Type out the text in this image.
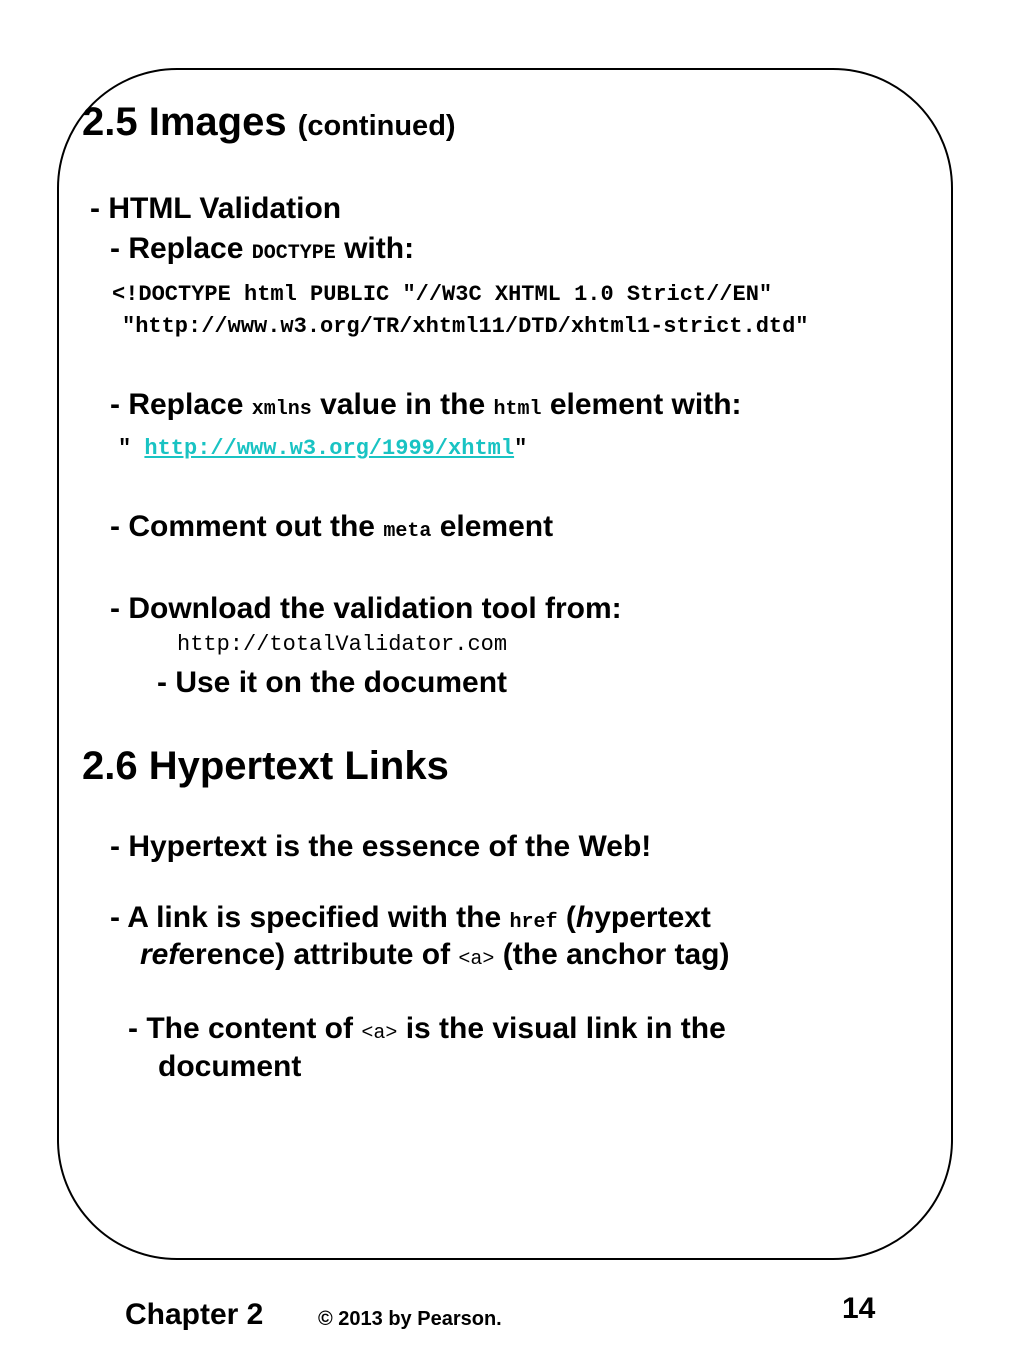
2.5 Images (continued)
- HTML Validation
- Replace DOCTYPE with:
<!DOCTYPE html PUBLIC ″//W3C XHTML 1.0 Strict//EN″
″http://www.w3.org/TR/xhtml11/DTD/xhtml1-strict.dtd″
- Replace xmlns value in the html element with:
″ http://www.w3.org/1999/xhtml″
- Comment out the meta element
- Download the validation tool from:
http://totalValidator.com
- Use it on the document
2.6 Hypertext Links
- Hypertext is the essence of the Web!
- A link is specified with the href (hypertext
reference) attribute of <a> (the anchor tag)
- The content of <a> is the visual link in the
document
Chapter 2	© 2013 by Pearson.	14
